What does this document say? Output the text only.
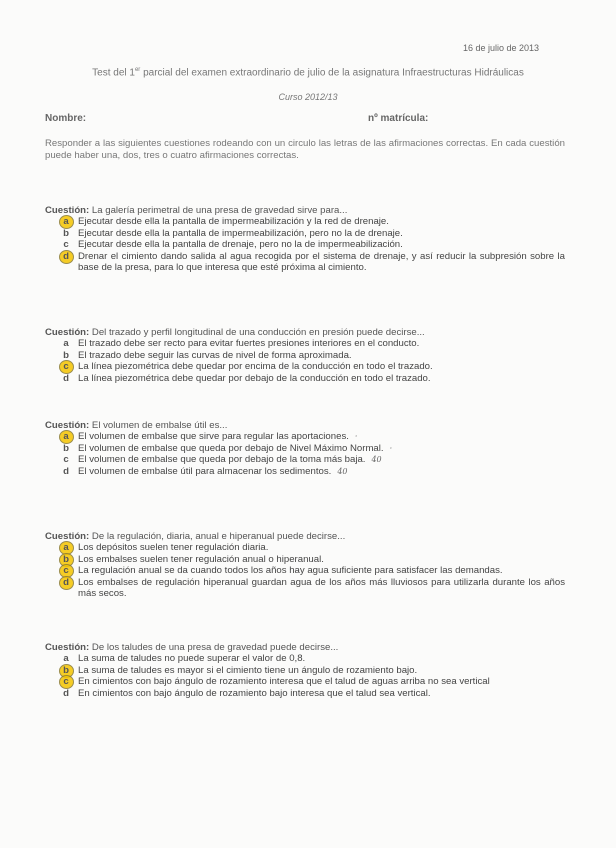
16 de julio de 2013
Test del 1er parcial del examen extraordinario de julio de la asignatura Infraestructuras Hidráulicas
Curso 2012/13
Nombre:	nº matrícula:
Responder a las siguientes cuestiones rodeando con un circulo las letras de las afirmaciones correctas. En cada cuestión puede haber una, dos, tres o cuatro afirmaciones correctas.
Cuestión: La galería perimetral de una presa de gravedad sirve para...
a Ejecutar desde ella la pantalla de impermeabilización y la red de drenaje.
b Ejecutar desde ella la pantalla de impermeabilización, pero no la de drenaje.
c Ejecutar desde ella la pantalla de drenaje, pero no la de impermeabilización.
d Drenar el cimiento dando salida al agua recogida por el sistema de drenaje, y así reducir la subpresión sobre la base de la presa, para lo que interesa que esté próxima al cimiento.
Cuestión: Del trazado y perfil longitudinal de una conducción en presión puede decirse...
a El trazado debe ser recto para evitar fuertes presiones interiores en el conducto.
b El trazado debe seguir las curvas de nivel de forma aproximada.
c La línea piezométrica debe quedar por encima de la conducción en todo el trazado.
d La línea piezométrica debe quedar por debajo de la conducción en todo el trazado.
Cuestión: El volumen de embalse útil es...
a El volumen de embalse que sirve para regular las aportaciones. ·
b El volumen de embalse que queda por debajo de Nivel Máximo Normal. ·
c El volumen de embalse que queda por debajo de la toma más baja. 40
d El volumen de embalse útil para almacenar los sedimentos. 40
Cuestión: De la regulación, diaria, anual e hiperanual puede decirse...
a Los depósitos suelen tener regulación diaria.
b Los embalses suelen tener regulación anual o hiperanual.
c La regulación anual se da cuando todos los años hay agua suficiente para satisfacer las demandas.
d Los embalses de regulación hiperanual guardan agua de los años más lluviosos para utilizarla durante los años más secos.
Cuestión: De los taludes de una presa de gravedad puede decirse...
a La suma de taludes no puede superar el valor de 0,8.
b La suma de taludes es mayor si el cimiento tiene un ángulo de rozamiento bajo.
c En cimientos con bajo ángulo de rozamiento interesa que el talud de aguas arriba no sea vertical
d En cimientos con bajo ángulo de rozamiento bajo interesa que el talud sea vertical.
